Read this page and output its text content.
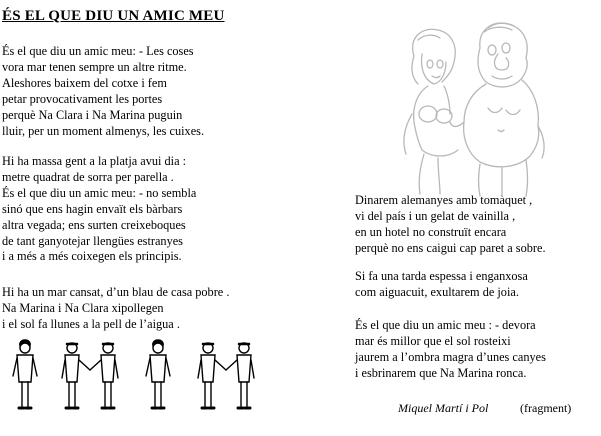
ÉS EL QUE DIU UN AMIC MEU
És el que diu un amic meu: - Les coses
vora mar tenen sempre un altre ritme.
Aleshores baixem del cotxe i fem
petar provocativament les portes
perquè Na Clara i Na Marina puguin
lluir, per un moment almenys, les cuixes.
Hi ha massa gent a la platja avui dia :
metre quadrat de sorra per parella .
És el que diu un amic meu: - no sembla
sinó que ens hagin envaït els bàrbars
altra vegada; ens surten creixeboques
de tant ganyotejar llengües estranyes
i a més a més coixegen els principis.
Hi ha un mar cansat, d’un blau de casa pobre .
Na Marina i Na Clara xipollegen
i el sol fa llunes a la pell de l’aigua .
Dinarem alemanyes amb tomàquet ,
vi del país i un gelat de vainilla ,
en un hotel no construït encara
perquè no ens caigui cap paret a sobre.
Si fa una tarda espessa i enganxosa
com aiguacuit, exultarem de joia.
És el que diu un amic meu : - devora
mar és millor que el sol rosteixi
jaurem a l’ombra magra d’unes canyes
i esbrinarem que Na Marina ronca.
Miquel Martí i Pol	(fragment)
